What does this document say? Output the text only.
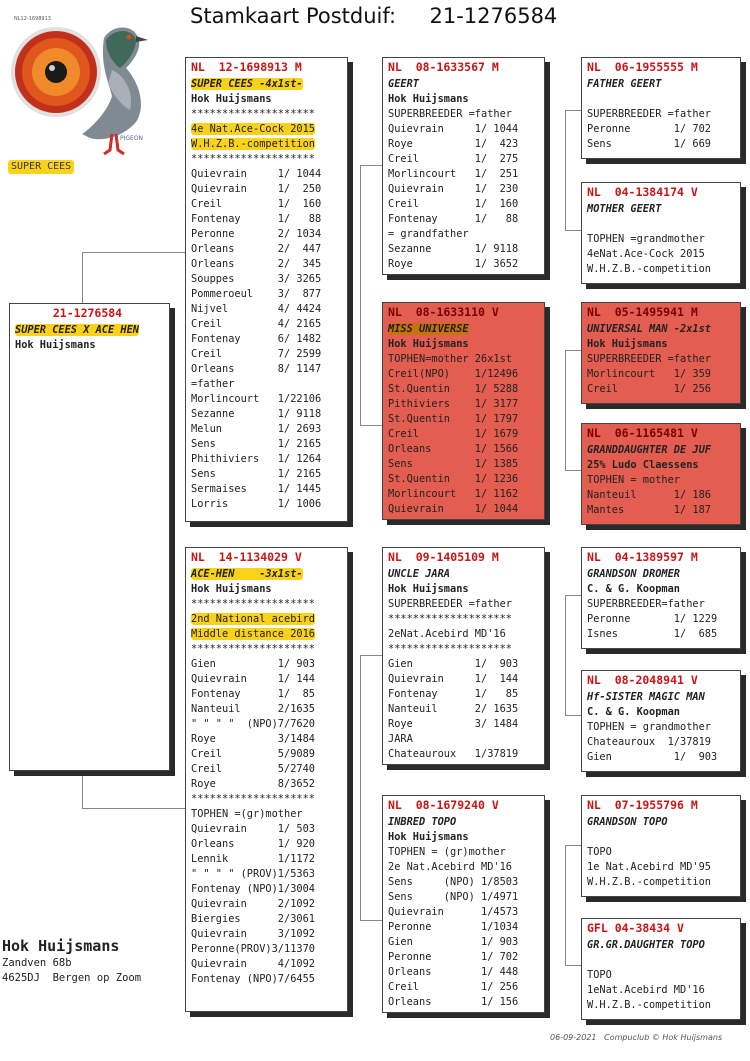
Stamkaart Postduif:     21-1276584
NL12-1698913
PIGEON
SUPER CEES
21-1276584
SUPER CEES X ACE HEN
Hok Huijsmans
NL  12-1698913 M
SUPER CEES -4x1st-
Hok Huijsmans
********************
4e Nat.Ace-Cock 2015
W.H.Z.B.-competition
********************
Quievrain     1/ 1044
Quievrain     1/  250
Creil         1/  160
Fontenay      1/   88
Peronne       2/ 1034
Orleans       2/  447
Orleans       2/  345
Souppes       3/ 3265
Pommeroeul    3/  877
Nijvel        4/ 4424
Creil         4/ 2165
Fontenay      6/ 1482
Creil         7/ 2599
Orleans       8/ 1147
=father
Morlincourt   1/22106
Sezanne       1/ 9118
Melun         1/ 2693
Sens          1/ 2165
Phithiviers   1/ 1264
Sens          1/ 2165
Sermaises     1/ 1445
Lorris        1/ 1006
NL  14-1134029 V
ACE-HEN    -3x1st-
Hok Huijsmans
********************
2nd National acebird
Middle distance 2016
********************
Gien          1/ 903
Quievrain     1/ 144
Fontenay      1/  85
Nanteuil      2/1635
" " " "  (NPO)7/7620
Roye          3/1484
Creil         5/9089
Creil         5/2740
Roye          8/3652
********************
TOPHEN =(gr)mother
Quievrain     1/ 503
Orleans       1/ 920
Lennik        1/1172
" " " " (PROV)1/5363
Fontenay (NPO)1/3004
Quievrain     2/1092
Biergies      2/3061
Quievrain     3/1092
Peronne(PROV)3/11370
Quievrain     4/1092
Fontenay (NPO)7/6455
NL  08-1633567 M
GEERT
Hok Huijsmans
SUPERBREEDER =father
Quievrain     1/ 1044
Roye          1/  423
Creil         1/  275
Morlincourt   1/  251
Quievrain     1/  230
Creil         1/  160
Fontenay      1/   88
= grandfather
Sezanne       1/ 9118
Roye          1/ 3652
NL  08-1633110 V
MISS UNIVERSE
Hok Huijsmans
TOPHEN=mother 26x1st
Creil(NPO)    1/12496
St.Quentin    1/ 5288
Pithiviers    1/ 3177
St.Quentin    1/ 1797
Creil         1/ 1679
Orleans       1/ 1566
Sens          1/ 1385
St.Quentin    1/ 1236
Morlincourt   1/ 1162
Quievrain     1/ 1044
NL  09-1405109 M
UNCLE JARA
Hok Huijsmans
SUPERBREEDER =father
********************
2eNat.Acebird MD'16
********************
Gien          1/  903
Quievrain     1/  144
Fontenay      1/   85
Nanteuil      2/ 1635
Roye          3/ 1484
JARA
Chateauroux   1/37819
NL  08-1679240 V
INBRED TOPO
Hok Huijsmans
TOPHEN = (gr)mother
2e Nat.Acebird MD'16
Sens     (NPO) 1/8503
Sens     (NPO) 1/4971
Quievrain      1/4573
Peronne        1/1034
Gien           1/ 903
Peronne        1/ 702
Orleans        1/ 448
Creil          1/ 256
Orleans        1/ 156
NL  06-1955555 M
FATHER GEERT
SUPERBREEDER =father
Peronne       1/ 702
Sens          1/ 669
NL  04-1384174 V
MOTHER GEERT
TOPHEN =grandmother
4eNat.Ace-Cock 2015
W.H.Z.B.-competition
NL  05-1495941 M
UNIVERSAL MAN -2x1st
Hok Huijsmans
SUPERBREEDER =father
Morlincourt   1/ 359
Creil         1/ 256
NL  06-1165481 V
GRANDDAUGHTER DE JUF
25% Ludo Claessens
TOPHEN = mother
Nanteuil      1/ 186
Mantes        1/ 187
NL  04-1389597 M
GRANDSON DROMER
C. & G. Koopman
SUPERBREEDER=father
Peronne       1/ 1229
Isnes         1/  685
NL  08-2048941 V
Hf-SISTER MAGIC MAN
C. & G. Koopman
TOPHEN = grandmother
Chateauroux  1/37819
Gien          1/  903
NL  07-1955796 M
GRANDSON TOPO
TOPO
1e Nat.Acebird MD'95
W.H.Z.B.-competition
GFL 04-38434 V
GR.GR.DAUGHTER TOPO
TOPO
1eNat.Acebird MD'16
W.H.Z.B.-competition
Hok Huijsmans
Zandven 68b
4625DJ  Bergen op Zoom
06-09-2021   Compuclub © Hok Huijsmans
